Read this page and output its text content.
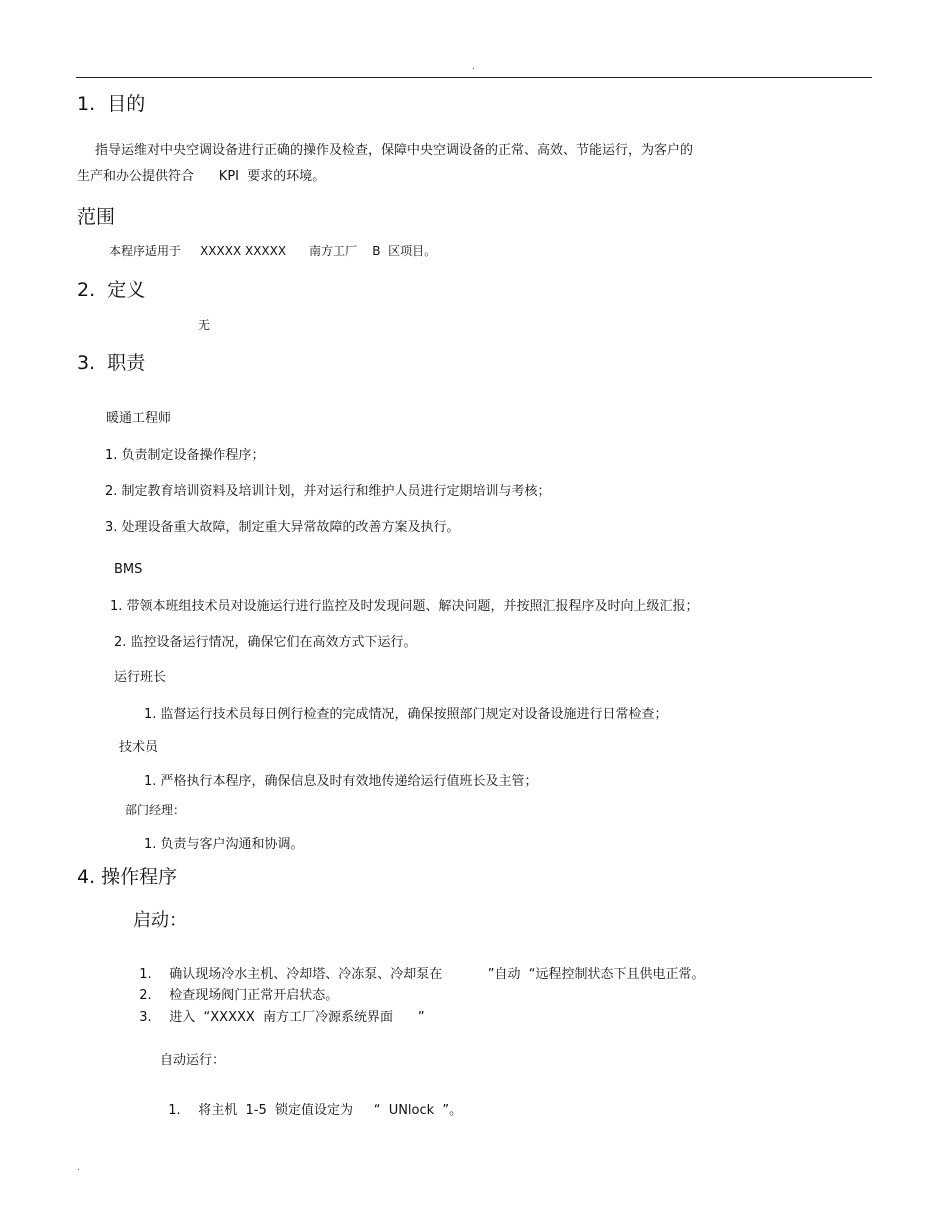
.
1.  目的
指导运维对中央空调设备进行正确的操作及检查，保障中央空调设备的正常、高效、节能运行，为客户的
生产和办公提供符合      KPI  要求的环境。
范围
本程序适用于     XXXXX XXXXX      南方工厂    B  区项目。
2.  定义
无
3.  职责
暖通工程师
1. 负责制定设备操作程序；
2. 制定教育培训资料及培训计划，并对运行和维护人员进行定期培训与考核；
3. 处理设备重大故障，制定重大异常故障的改善方案及执行。
BMS
1. 带领本班组技术员对设施运行进行监控及时发现问题、解决问题，并按照汇报程序及时向上级汇报；
2. 监控设备运行情况，确保它们在高效方式下运行。
运行班长
1. 监督运行技术员每日例行检查的完成情况，确保按照部门规定对设备设施进行日常检查；
技术员
1. 严格执行本程序，确保信息及时有效地传递给运行值班长及主管；
部门经理：
1. 负责与客户沟通和协调。
4. 操作程序
启动：

1. 确认现场冷水主机、冷却塔、冷冻泵、冷却泵在           ”自动  “远程控制状态下且供电正常。

2. 检查现场阀门正常开启状态。

3. 进入  “XXXXX  南方工厂冷源系统界面      ”

自动运行：

1. 将主机  1-5  锁定值设定为     “  UNlock  ”。

.
